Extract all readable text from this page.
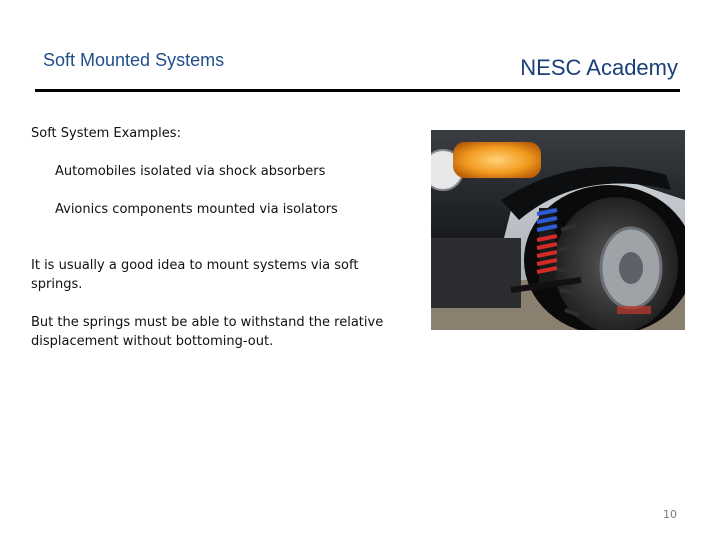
Soft Mounted Systems	NESC Academy
Soft System Examples:
Automobiles isolated via shock absorbers
Avionics components mounted via isolators
It is usually a good idea to mount systems via soft springs.
But the springs must be able to withstand the relative displacement without bottoming-out.
10
